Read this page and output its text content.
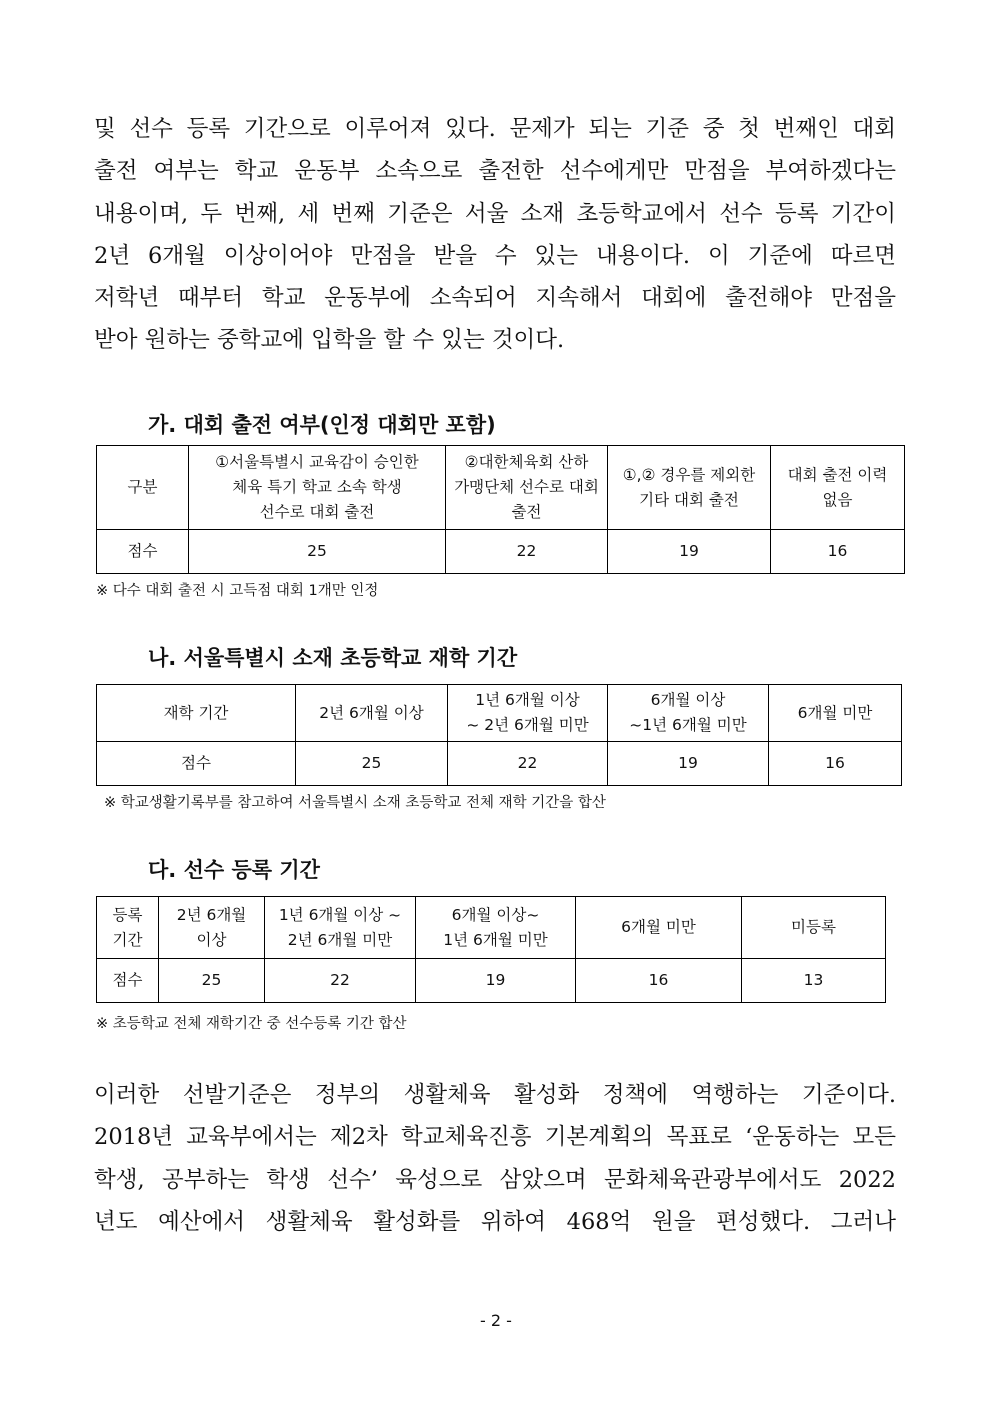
및 선수 등록 기간으로 이루어져 있다. 문제가 되는 기준 중 첫 번째인 대회
출전 여부는 학교 운동부 소속으로 출전한 선수에게만 만점을 부여하겠다는
내용이며, 두 번째, 세 번째 기준은 서울 소재 초등학교에서 선수 등록 기간이
2년 6개월 이상이어야 만점을 받을 수 있는 내용이다. 이 기준에 따르면
저학년 때부터 학교 운동부에 소속되어 지속해서 대회에 출전해야 만점을
받아 원하는 중학교에 입학을 할 수 있는 것이다.
가. 대회 출전 여부(인정 대회만 포함)
구분	①서울특별시 교육감이 승인한
체육 특기 학교 소속 학생
선수로 대회 출전	②대한체육회 산하
가맹단체 선수로 대회
출전	①,② 경우를 제외한
기타 대회 출전	대회 출전 이력
없음

점수	25	22	19	16
※ 다수 대회 출전 시 고득점 대회 1개만 인정
나. 서울특별시 소재 초등학교 재학 기간
재학 기간	2년 6개월 이상	1년 6개월 이상
~ 2년 6개월 미만	6개월 이상
~1년 6개월 미만	6개월 미만

점수	25	22	19	16
※ 학교생활기록부를 참고하여 서울특별시 소재 초등학교 전체 재학 기간을 합산
다. 선수 등록 기간
등록
기간	2년 6개월
이상	1년 6개월 이상 ~
2년 6개월 미만	6개월 이상~
1년 6개월 미만	6개월 미만	미등록

점수	25	22	19	16	13
※ 초등학교 전체 재학기간 중 선수등록 기간 합산
이러한 선발기준은 정부의 생활체육 활성화 정책에 역행하는 기준이다.
2018년 교육부에서는 제2차 학교체육진흥 기본계획의 목표로 ‘운동하는 모든
학생, 공부하는 학생 선수’ 육성으로 삼았으며 문화체육관광부에서도 2022
년도 예산에서 생활체육 활성화를 위하여 468억 원을 편성했다. 그러나
- 2 -
